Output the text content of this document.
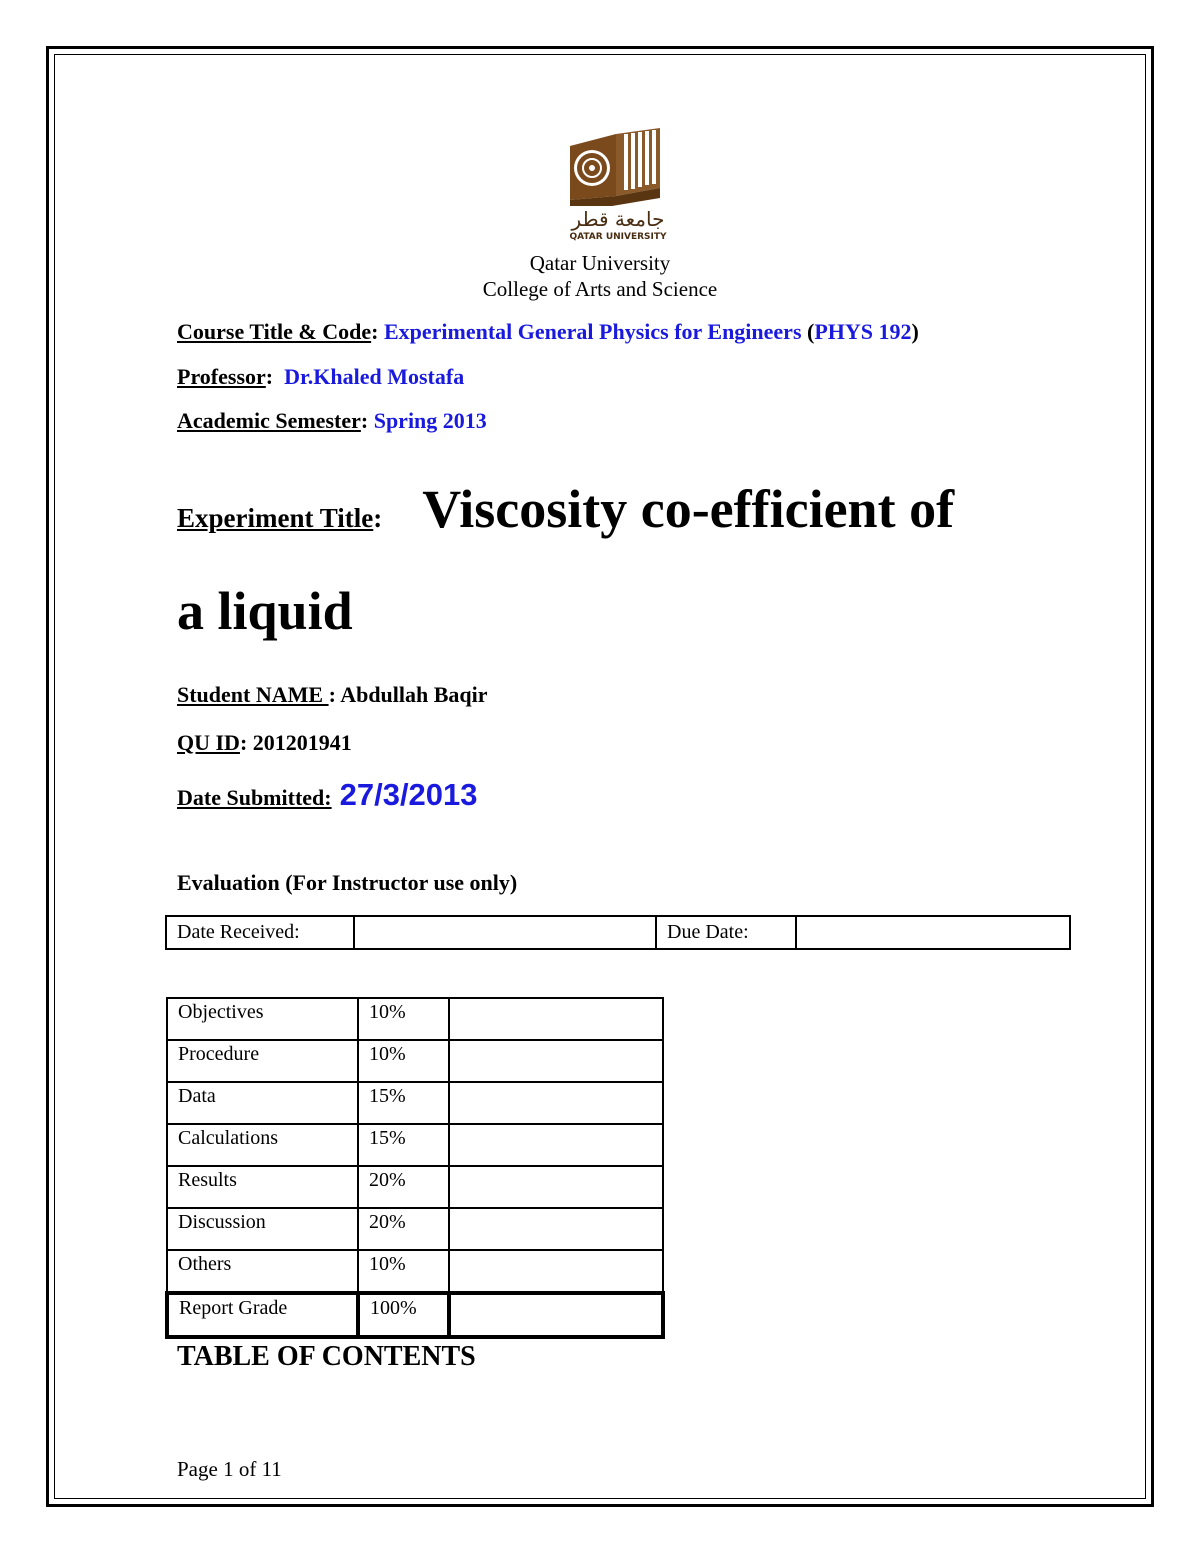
جامعة قطر
QATAR UNIVERSITY
Qatar University
College of Arts and Science
Course Title & Code: Experimental General Physics for Engineers (PHYS 192)
Professor:  Dr.Khaled Mostafa
Academic Semester: Spring 2013
Experiment Title: Viscosity co-efficient of
a liquid
Student NAME : Abdullah Baqir
QU ID: 201201941
Date Submitted: 27/3/2013
Evaluation (For Instructor use only)
Date Received:		Due Date:	
Objectives	10%	
Procedure	10%	
Data	15%	
Calculations	15%	
Results	20%	
Discussion	20%	
Others	10%	
Report Grade	100%	
TABLE OF CONTENTS
Page 1 of 11
